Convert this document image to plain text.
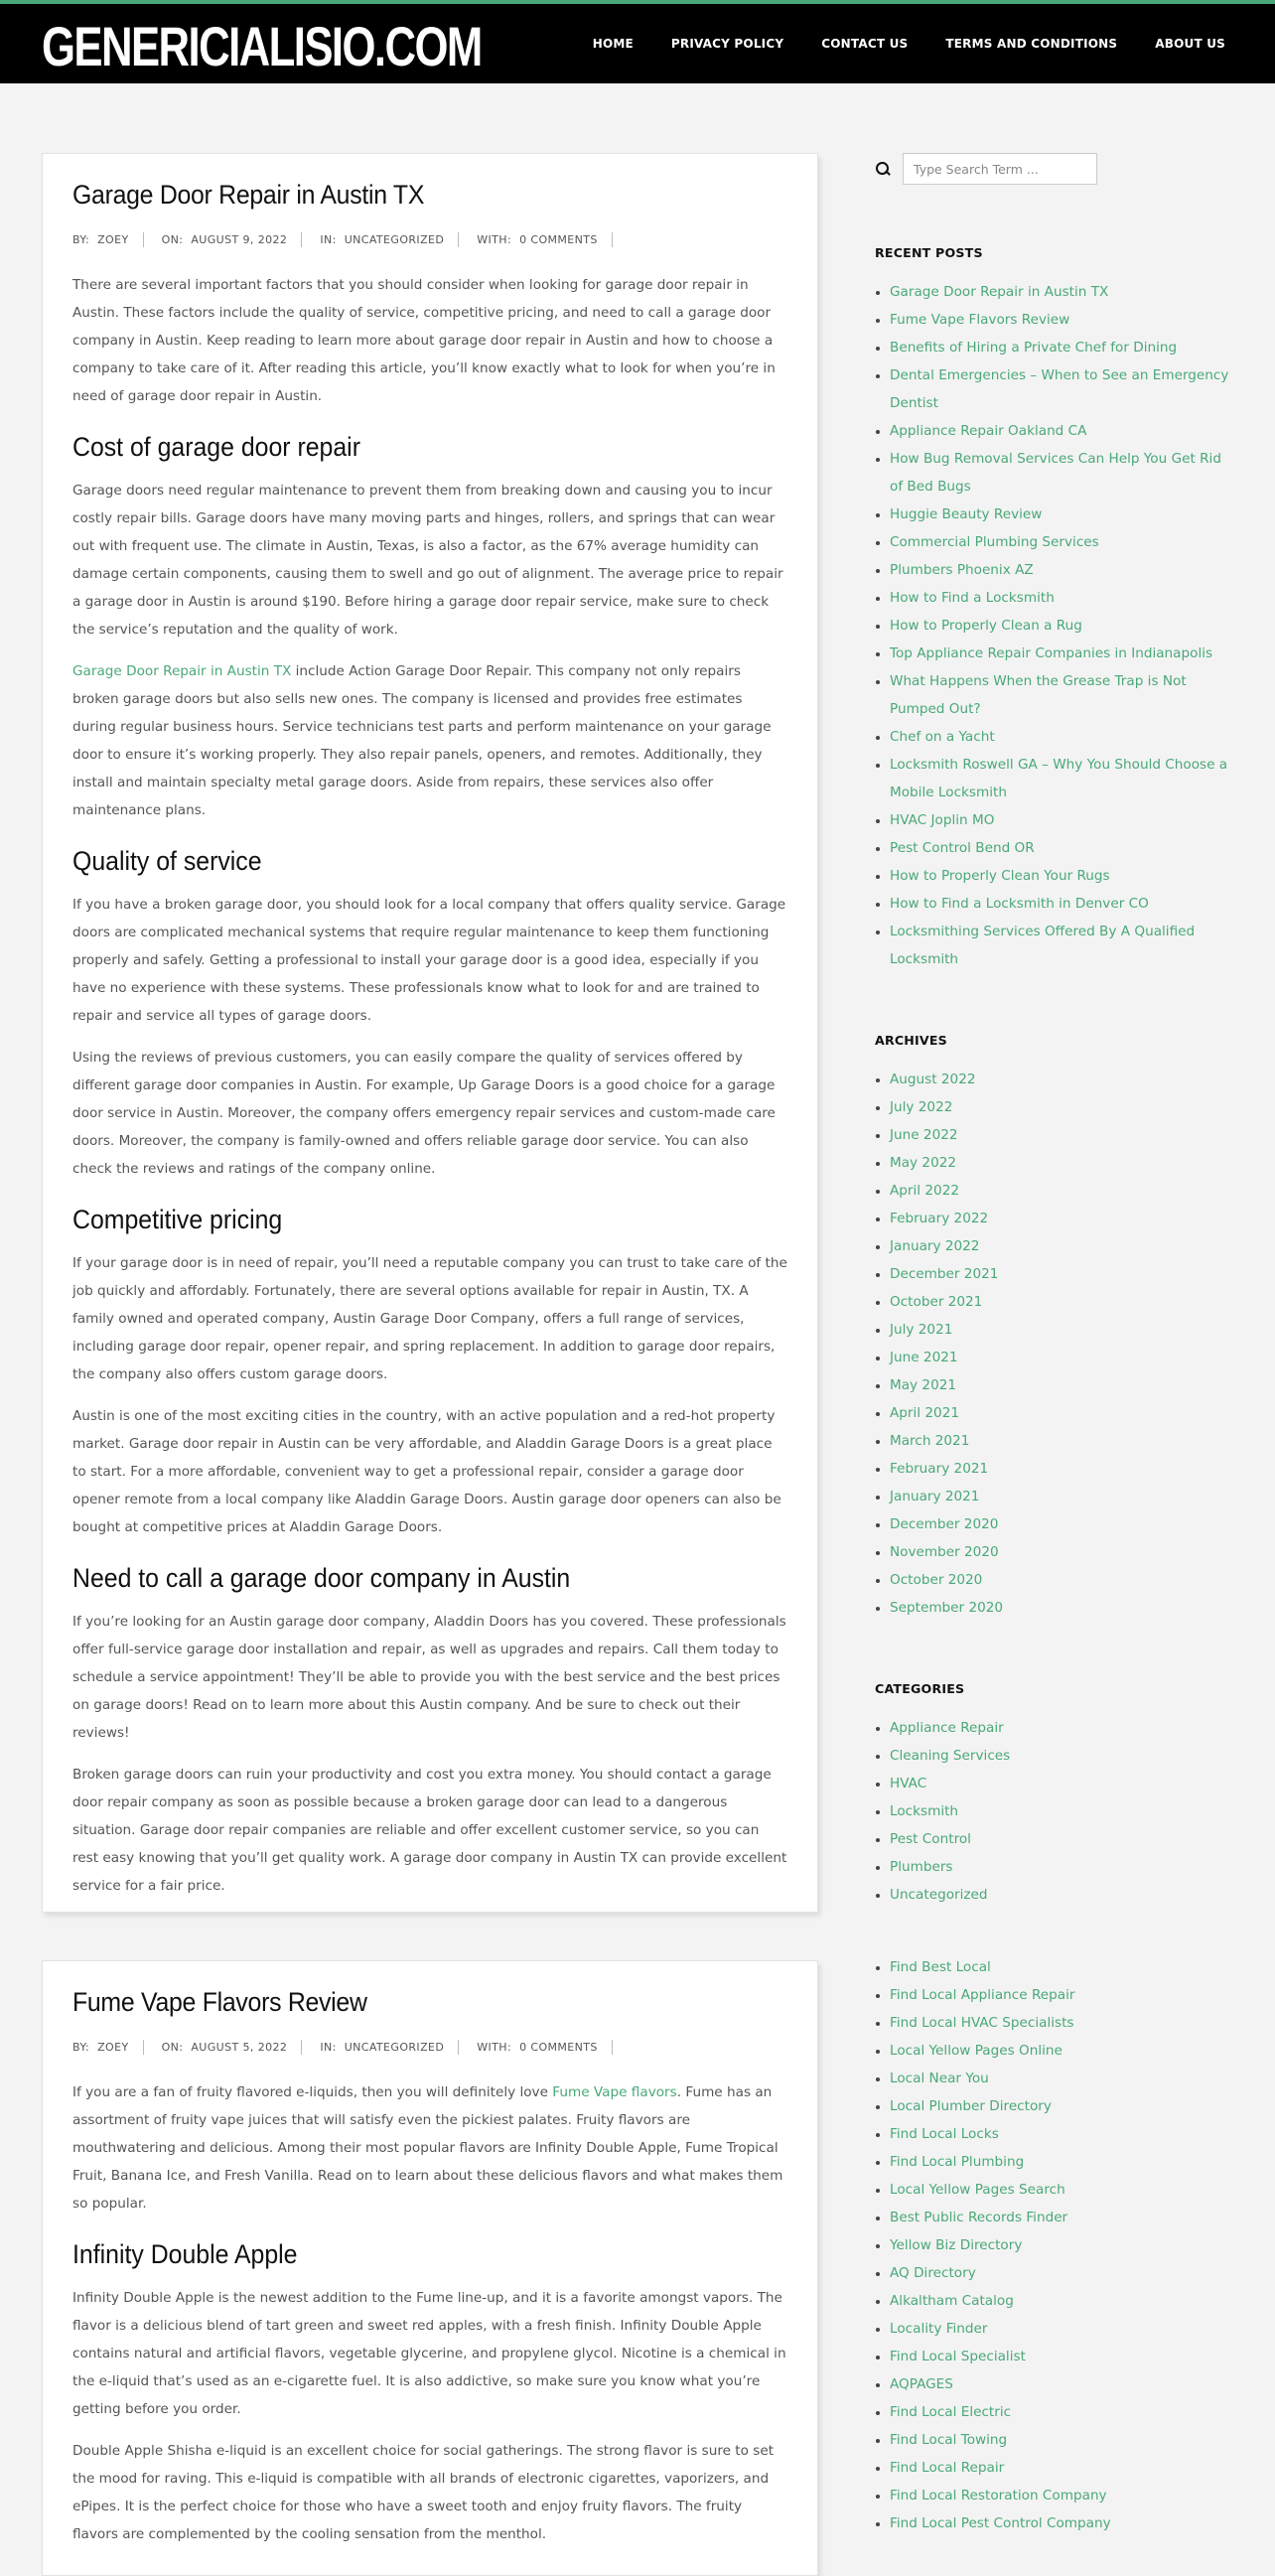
GENERICIALISIO.COM	HOME	PRIVACY POLICY	CONTACT US	TERMS AND CONDITIONS	ABOUT US
Garage Door Repair in Austin TX
BY: ZOEY	ON: AUGUST 9, 2022	IN: UNCATEGORIZED	WITH: 0 COMMENTS

There are several important factors that you should consider when looking for garage door repair in Austin. These factors include the quality of service, competitive pricing, and need to call a garage door company in Austin. Keep reading to learn more about garage door repair in Austin and how to choose a company to take care of it. After reading this article, you’ll know exactly what to look for when you’re in need of garage door repair in Austin.

Cost of garage door repair

Garage doors need regular maintenance to prevent them from breaking down and causing you to incur costly repair bills. Garage doors have many moving parts and hinges, rollers, and springs that can wear out with frequent use. The climate in Austin, Texas, is also a factor, as the 67% average humidity can damage certain components, causing them to swell and go out of alignment. The average price to repair a garage door in Austin is around $190. Before hiring a garage door repair service, make sure to check the service’s reputation and the quality of work.

Garage Door Repair in Austin TX include Action Garage Door Repair. This company not only repairs broken garage doors but also sells new ones. The company is licensed and provides free estimates during regular business hours. Service technicians test parts and perform maintenance on your garage door to ensure it’s working properly. They also repair panels, openers, and remotes. Additionally, they install and maintain specialty metal garage doors. Aside from repairs, these services also offer maintenance plans.

Quality of service

If you have a broken garage door, you should look for a local company that offers quality service. Garage doors are complicated mechanical systems that require regular maintenance to keep them functioning properly and safely. Getting a professional to install your garage door is a good idea, especially if you have no experience with these systems. These professionals know what to look for and are trained to repair and service all types of garage doors.

Using the reviews of previous customers, you can easily compare the quality of services offered by different garage door companies in Austin. For example, Up Garage Doors is a good choice for a garage door service in Austin. Moreover, the company offers emergency repair services and custom-made care doors. Moreover, the company is family-owned and offers reliable garage door service. You can also check the reviews and ratings of the company online.

Competitive pricing

If your garage door is in need of repair, you’ll need a reputable company you can trust to take care of the job quickly and affordably. Fortunately, there are several options available for repair in Austin, TX. A family owned and operated company, Austin Garage Door Company, offers a full range of services, including garage door repair, opener repair, and spring replacement. In addition to garage door repairs, the company also offers custom garage doors.

Austin is one of the most exciting cities in the country, with an active population and a red-hot property market. Garage door repair in Austin can be very affordable, and Aladdin Garage Doors is a great place to start. For a more affordable, convenient way to get a professional repair, consider a garage door opener remote from a local company like Aladdin Garage Doors. Austin garage door openers can also be bought at competitive prices at Aladdin Garage Doors.

Need to call a garage door company in Austin

If you’re looking for an Austin garage door company, Aladdin Doors has you covered. These professionals offer full-service garage door installation and repair, as well as upgrades and repairs. Call them today to schedule a service appointment! They’ll be able to provide you with the best service and the best prices on garage doors! Read on to learn more about this Austin company. And be sure to check out their reviews!

Broken garage doors can ruin your productivity and cost you extra money. You should contact a garage door repair company as soon as possible because a broken garage door can lead to a dangerous situation. Garage door repair companies are reliable and offer excellent customer service, so you can rest easy knowing that you’ll get quality work. A garage door company in Austin TX can provide excellent service for a fair price.

Fume Vape Flavors Review
BY: ZOEY	ON: AUGUST 5, 2022	IN: UNCATEGORIZED	WITH: 0 COMMENTS

If you are a fan of fruity flavored e-liquids, then you will definitely love Fume Vape flavors. Fume has an assortment of fruity vape juices that will satisfy even the pickiest palates. Fruity flavors are mouthwatering and delicious. Among their most popular flavors are Infinity Double Apple, Fume Tropical Fruit, Banana Ice, and Fresh Vanilla. Read on to learn about these delicious flavors and what makes them so popular.

Infinity Double Apple

Infinity Double Apple is the newest addition to the Fume line-up, and it is a favorite amongst vapors. The flavor is a delicious blend of tart green and sweet red apples, with a fresh finish. Infinity Double Apple contains natural and artificial flavors, vegetable glycerine, and propylene glycol. Nicotine is a chemical in the e-liquid that’s used as an e-cigarette fuel. It is also addictive, so make sure you know what you’re getting before you order.

Double Apple Shisha e-liquid is an excellent choice for social gatherings. The strong flavor is sure to set the mood for raving. This e-liquid is compatible with all brands of electronic cigarettes, vaporizers, and ePipes. It is the perfect choice for those who have a sweet tooth and enjoy fruity flavors. The fruity flavors are complemented by the cooling sensation from the menthol.

Type Search Term ...
RECENT POSTS
• Garage Door Repair in Austin TX
• Fume Vape Flavors Review
• Benefits of Hiring a Private Chef for Dining
• Dental Emergencies – When to See an Emergency Dentist
• Appliance Repair Oakland CA
• How Bug Removal Services Can Help You Get Rid of Bed Bugs
• Huggie Beauty Review
• Commercial Plumbing Services
• Plumbers Phoenix AZ
• How to Find a Locksmith
• How to Properly Clean a Rug
• Top Appliance Repair Companies in Indianapolis
• What Happens When the Grease Trap is Not Pumped Out?
• Chef on a Yacht
• Locksmith Roswell GA – Why You Should Choose a Mobile Locksmith
• HVAC Joplin MO
• Pest Control Bend OR
• How to Properly Clean Your Rugs
• How to Find a Locksmith in Denver CO
• Locksmithing Services Offered By A Qualified Locksmith
ARCHIVES
• August 2022
• July 2022
• June 2022
• May 2022
• April 2022
• February 2022
• January 2022
• December 2021
• October 2021
• July 2021
• June 2021
• May 2021
• April 2021
• March 2021
• February 2021
• January 2021
• December 2020
• November 2020
• October 2020
• September 2020
CATEGORIES
• Appliance Repair
• Cleaning Services
• HVAC
• Locksmith
• Pest Control
• Plumbers
• Uncategorized
• Find Best Local
• Find Local Appliance Repair
• Find Local HVAC Specialists
• Local Yellow Pages Online
• Local Near You
• Local Plumber Directory
• Find Local Locks
• Find Local Plumbing
• Local Yellow Pages Search
• Best Public Records Finder
• Yellow Biz Directory
• AQ Directory
• Alkaltham Catalog
• Locality Finder
• Find Local Specialist
• AQPAGES
• Find Local Electric
• Find Local Towing
• Find Local Repair
• Find Local Restoration Company
• Find Local Pest Control Company
